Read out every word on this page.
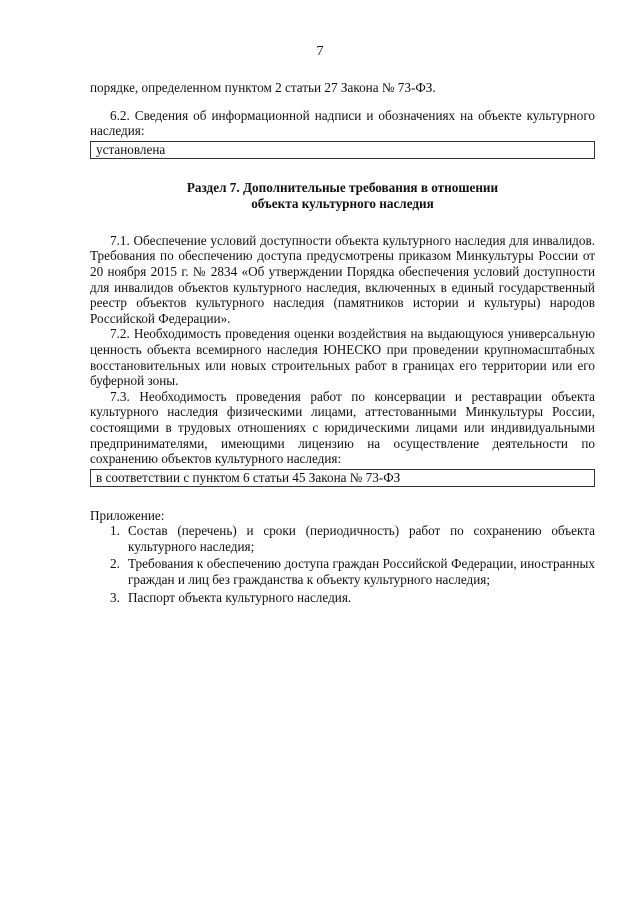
7

порядке, определенном пунктом 2 статьи 27 Закона № 73-ФЗ.

6.2. Сведения об информационной надписи и обозначениях на объекте культурного наследия:

установлена

Раздел 7. Дополнительные требования в отношении

объекта культурного наследия

7.1. Обеспечение условий доступности объекта культурного наследия для инвалидов. Требования по обеспечению доступа предусмотрены приказом Минкультуры России от 20 ноября 2015 г. № 2834 «Об утверждении Порядка обеспечения условий доступности для инвалидов объектов культурного наследия, включенных в единый государственный реестр объектов культурного наследия (памятников истории и культуры) народов Российской Федерации».

7.2. Необходимость проведения оценки воздействия на выдающуюся универсальную ценность объекта всемирного наследия ЮНЕСКО при проведении крупномасштабных восстановительных или новых строительных работ в границах его территории или его буферной зоны.

7.3. Необходимость проведения работ по консервации и реставрации объекта культурного наследия физическими лицами, аттестованными Минкультуры России, состоящими в трудовых отношениях с юридическими лицами или индивидуальными предпринимателями, имеющими лицензию на осуществление деятельности по сохранению объектов культурного наследия:

в соответствии с пунктом 6 статьи 45 Закона № 73-ФЗ

Приложение:

1. Состав (перечень) и сроки (периодичность) работ по сохранению объекта культурного наследия;
2. Требования к обеспечению доступа граждан Российской Федерации, иностранных граждан и лиц без гражданства к объекту культурного наследия;
3. Паспорт объекта культурного наследия.
